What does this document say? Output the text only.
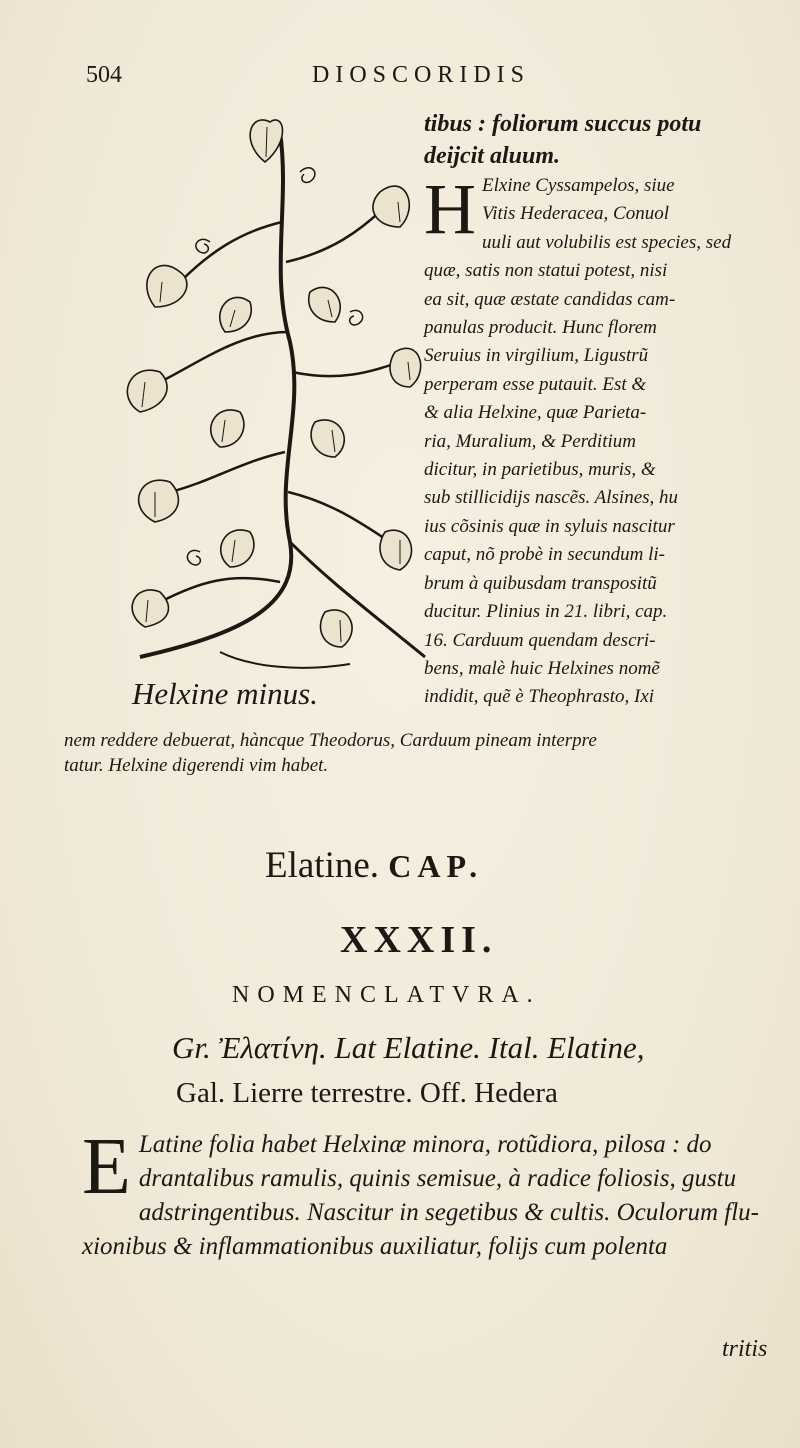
504	DIOSCORIDIS
Helxine minus.
tibus : foliorum succus potu
deijcit aluum.
H Elxine Cyssampelos, siue
Vitis Hederacea, Conuol
uuli aut volubilis est species, sed
quæ, satis non statui potest, nisi
ea sit, quæ æstate candidas cam-
panulas producit. Hunc florem
Seruius in virgilium, Ligustrũ
perperam esse putauit. Est &
& alia Helxine, quæ Parieta-
ria, Muralium, & Perditium
dicitur, in parietibus, muris, &
sub stillicidijs nascẽs. Alsines, hu
ius cõsinis quæ in syluis nascitur
caput, nõ probè in secundum li-
brum à quibusdam transpositũ
ducitur. Plinius in 21. libri, cap.
16. Carduum quendam descri-
bens, malè huic Helxines nomẽ
indidit, quẽ è Theophrasto, Ixi
nem reddere debuerat, hàncque Theodorus, Carduum pineam interpre
tatur. Helxine digerendi vim habet.
Elatine. CAP.
XXXII.
NOMENCLATVRA.
Gr. Ἐλατίνη. Lat Elatine. Ital. Elatine,
Gal. Lierre terrestre. Off. Hedera
E Latine folia habet Helxinæ minora, rotũdiora, pilosa : do
drantalibus ramulis, quinis semisue, à radice foliosis, gustu
adstringentibus. Nascitur in segetibus & cultis. Oculorum flu-
xionibus & inflammationibus auxiliatur, folijs cum polenta
tritis
